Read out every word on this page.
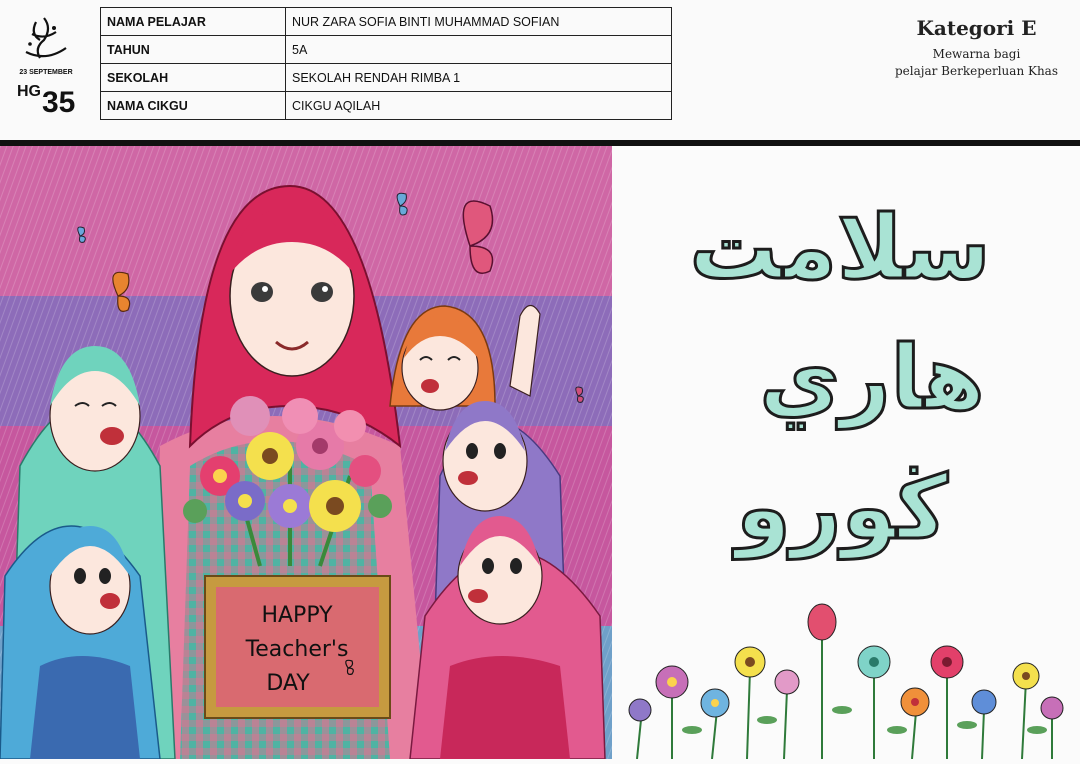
23 SEPTEMBER
HG 35
NAMA PELAJAR	NUR ZARA SOFIA BINTI MUHAMMAD SOFIAN
TAHUN	5A
SEKOLAH	SEKOLAH RENDAH RIMBA 1
NAMA CIKGU	CIKGU AQILAH
Kategori E
Mewarna bagi
pelajar Berkeperluan Khas
HAPPY
Teacher's
DAY
سلامت
هاري
ڬورو
